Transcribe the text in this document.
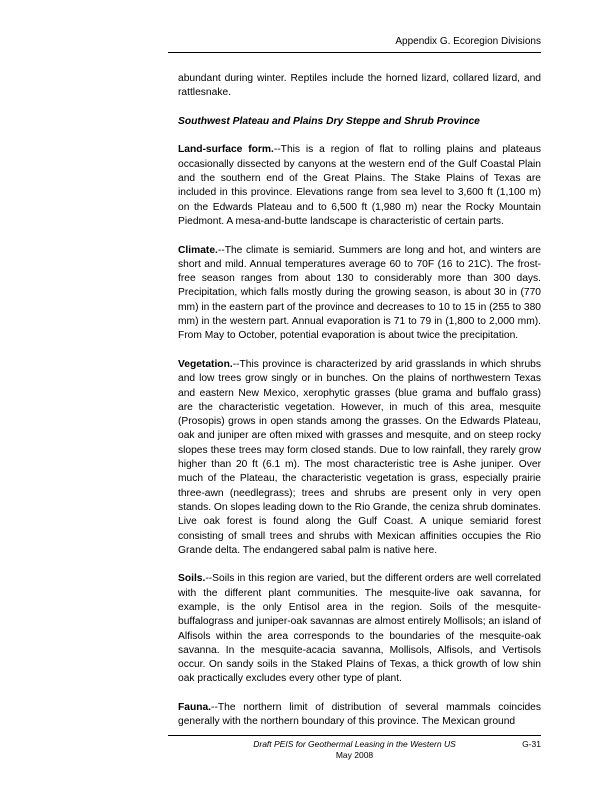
Appendix G. Ecoregion Divisions

abundant during winter. Reptiles include the horned lizard, collared lizard, and rattlesnake.

Southwest Plateau and Plains Dry Steppe and Shrub Province

Land-surface form.--This is a region of flat to rolling plains and plateaus occasionally dissected by canyons at the western end of the Gulf Coastal Plain and the southern end of the Great Plains. The Stake Plains of Texas are included in this province. Elevations range from sea level to 3,600 ft (1,100 m) on the Edwards Plateau and to 6,500 ft (1,980 m) near the Rocky Mountain Piedmont. A mesa-and-butte landscape is characteristic of certain parts.

Climate.--The climate is semiarid. Summers are long and hot, and winters are short and mild. Annual temperatures average 60 to 70F (16 to 21C). The frost-free season ranges from about 130 to considerably more than 300 days. Precipitation, which falls mostly during the growing season, is about 30 in (770 mm) in the eastern part of the province and decreases to 10 to 15 in (255 to 380 mm) in the western part. Annual evaporation is 71 to 79 in (1,800 to 2,000 mm). From May to October, potential evaporation is about twice the precipitation.

Vegetation.--This province is characterized by arid grasslands in which shrubs and low trees grow singly or in bunches. On the plains of northwestern Texas and eastern New Mexico, xerophytic grasses (blue grama and buffalo grass) are the characteristic vegetation. However, in much of this area, mesquite (Prosopis) grows in open stands among the grasses. On the Edwards Plateau, oak and juniper are often mixed with grasses and mesquite, and on steep rocky slopes these trees may form closed stands. Due to low rainfall, they rarely grow higher than 20 ft (6.1 m). The most characteristic tree is Ashe juniper. Over much of the Plateau, the characteristic vegetation is grass, especially prairie three-awn (needlegrass); trees and shrubs are present only in very open stands. On slopes leading down to the Rio Grande, the ceniza shrub dominates. Live oak forest is found along the Gulf Coast. A unique semiarid forest consisting of small trees and shrubs with Mexican affinities occupies the Rio Grande delta. The endangered sabal palm is native here.

Soils.--Soils in this region are varied, but the different orders are well correlated with the different plant communities. The mesquite-live oak savanna, for example, is the only Entisol area in the region. Soils of the mesquite-buffalograss and juniper-oak savannas are almost entirely Mollisols; an island of Alfisols within the area corresponds to the boundaries of the mesquite-oak savanna. In the mesquite-acacia savanna, Mollisols, Alfisols, and Vertisols occur. On sandy soils in the Staked Plains of Texas, a thick growth of low shin oak practically excludes every other type of plant.

Fauna.--The northern limit of distribution of several mammals coincides generally with the northern boundary of this province. The Mexican ground

Draft PEIS for Geothermal Leasing in the Western US	G-31
May 2008
